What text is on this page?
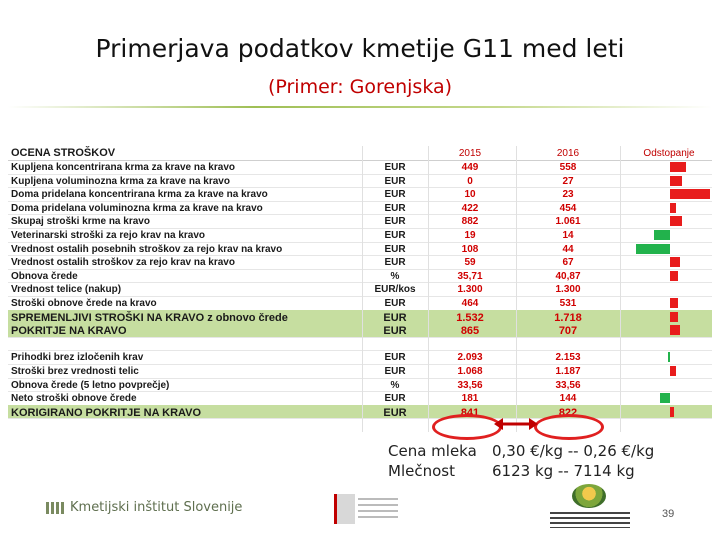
Primerjava podatkov kmetije G11 med leti
(Primer: Gorenjska)
OCENA STROŠKOV	2015	2016	Odstopanje
Kupljena koncentrirana krma za krave na kravo	EUR	449	558
Kupljena voluminozna krma za krave na kravo	EUR	0	27
Doma pridelana koncentrirana krma za krave na kravo	EUR	10	23
Doma pridelana voluminozna krma za krave na kravo	EUR	422	454
Skupaj stroški krme na kravo	EUR	882	1.061
Veterinarski stroški za rejo krav na kravo	EUR	19	14
Vrednost ostalih posebnih stroškov za rejo krav na kravo	EUR	108	44
Vrednost ostalih stroškov za rejo krav na kravo	EUR	59	67
Obnova črede	%	35,71	40,87
Vrednost telice (nakup)	EUR/kos	1.300	1.300
Stroški obnove črede na kravo	EUR	464	531
SPREMENLJIVI STROŠKI NA KRAVO z obnovo črede	EUR	1.532	1.718
POKRITJE NA KRAVO	EUR	865	707
Prihodki brez izločenih krav	EUR	2.093	2.153
Stroški brez vrednosti telic	EUR	1.068	1.187
Obnova črede (5 letno povprečje)	%	33,56	33,56
Neto stroški obnove črede	EUR	181	144
KORIGIRANO POKRITJE NA KRAVO	EUR	841	822
Cena mleka 0,30 €/kg -- 0,26 €/kg
Mlečnost 6123 kg -- 7114 kg
Kmetijski inštitut Slovenije	39
